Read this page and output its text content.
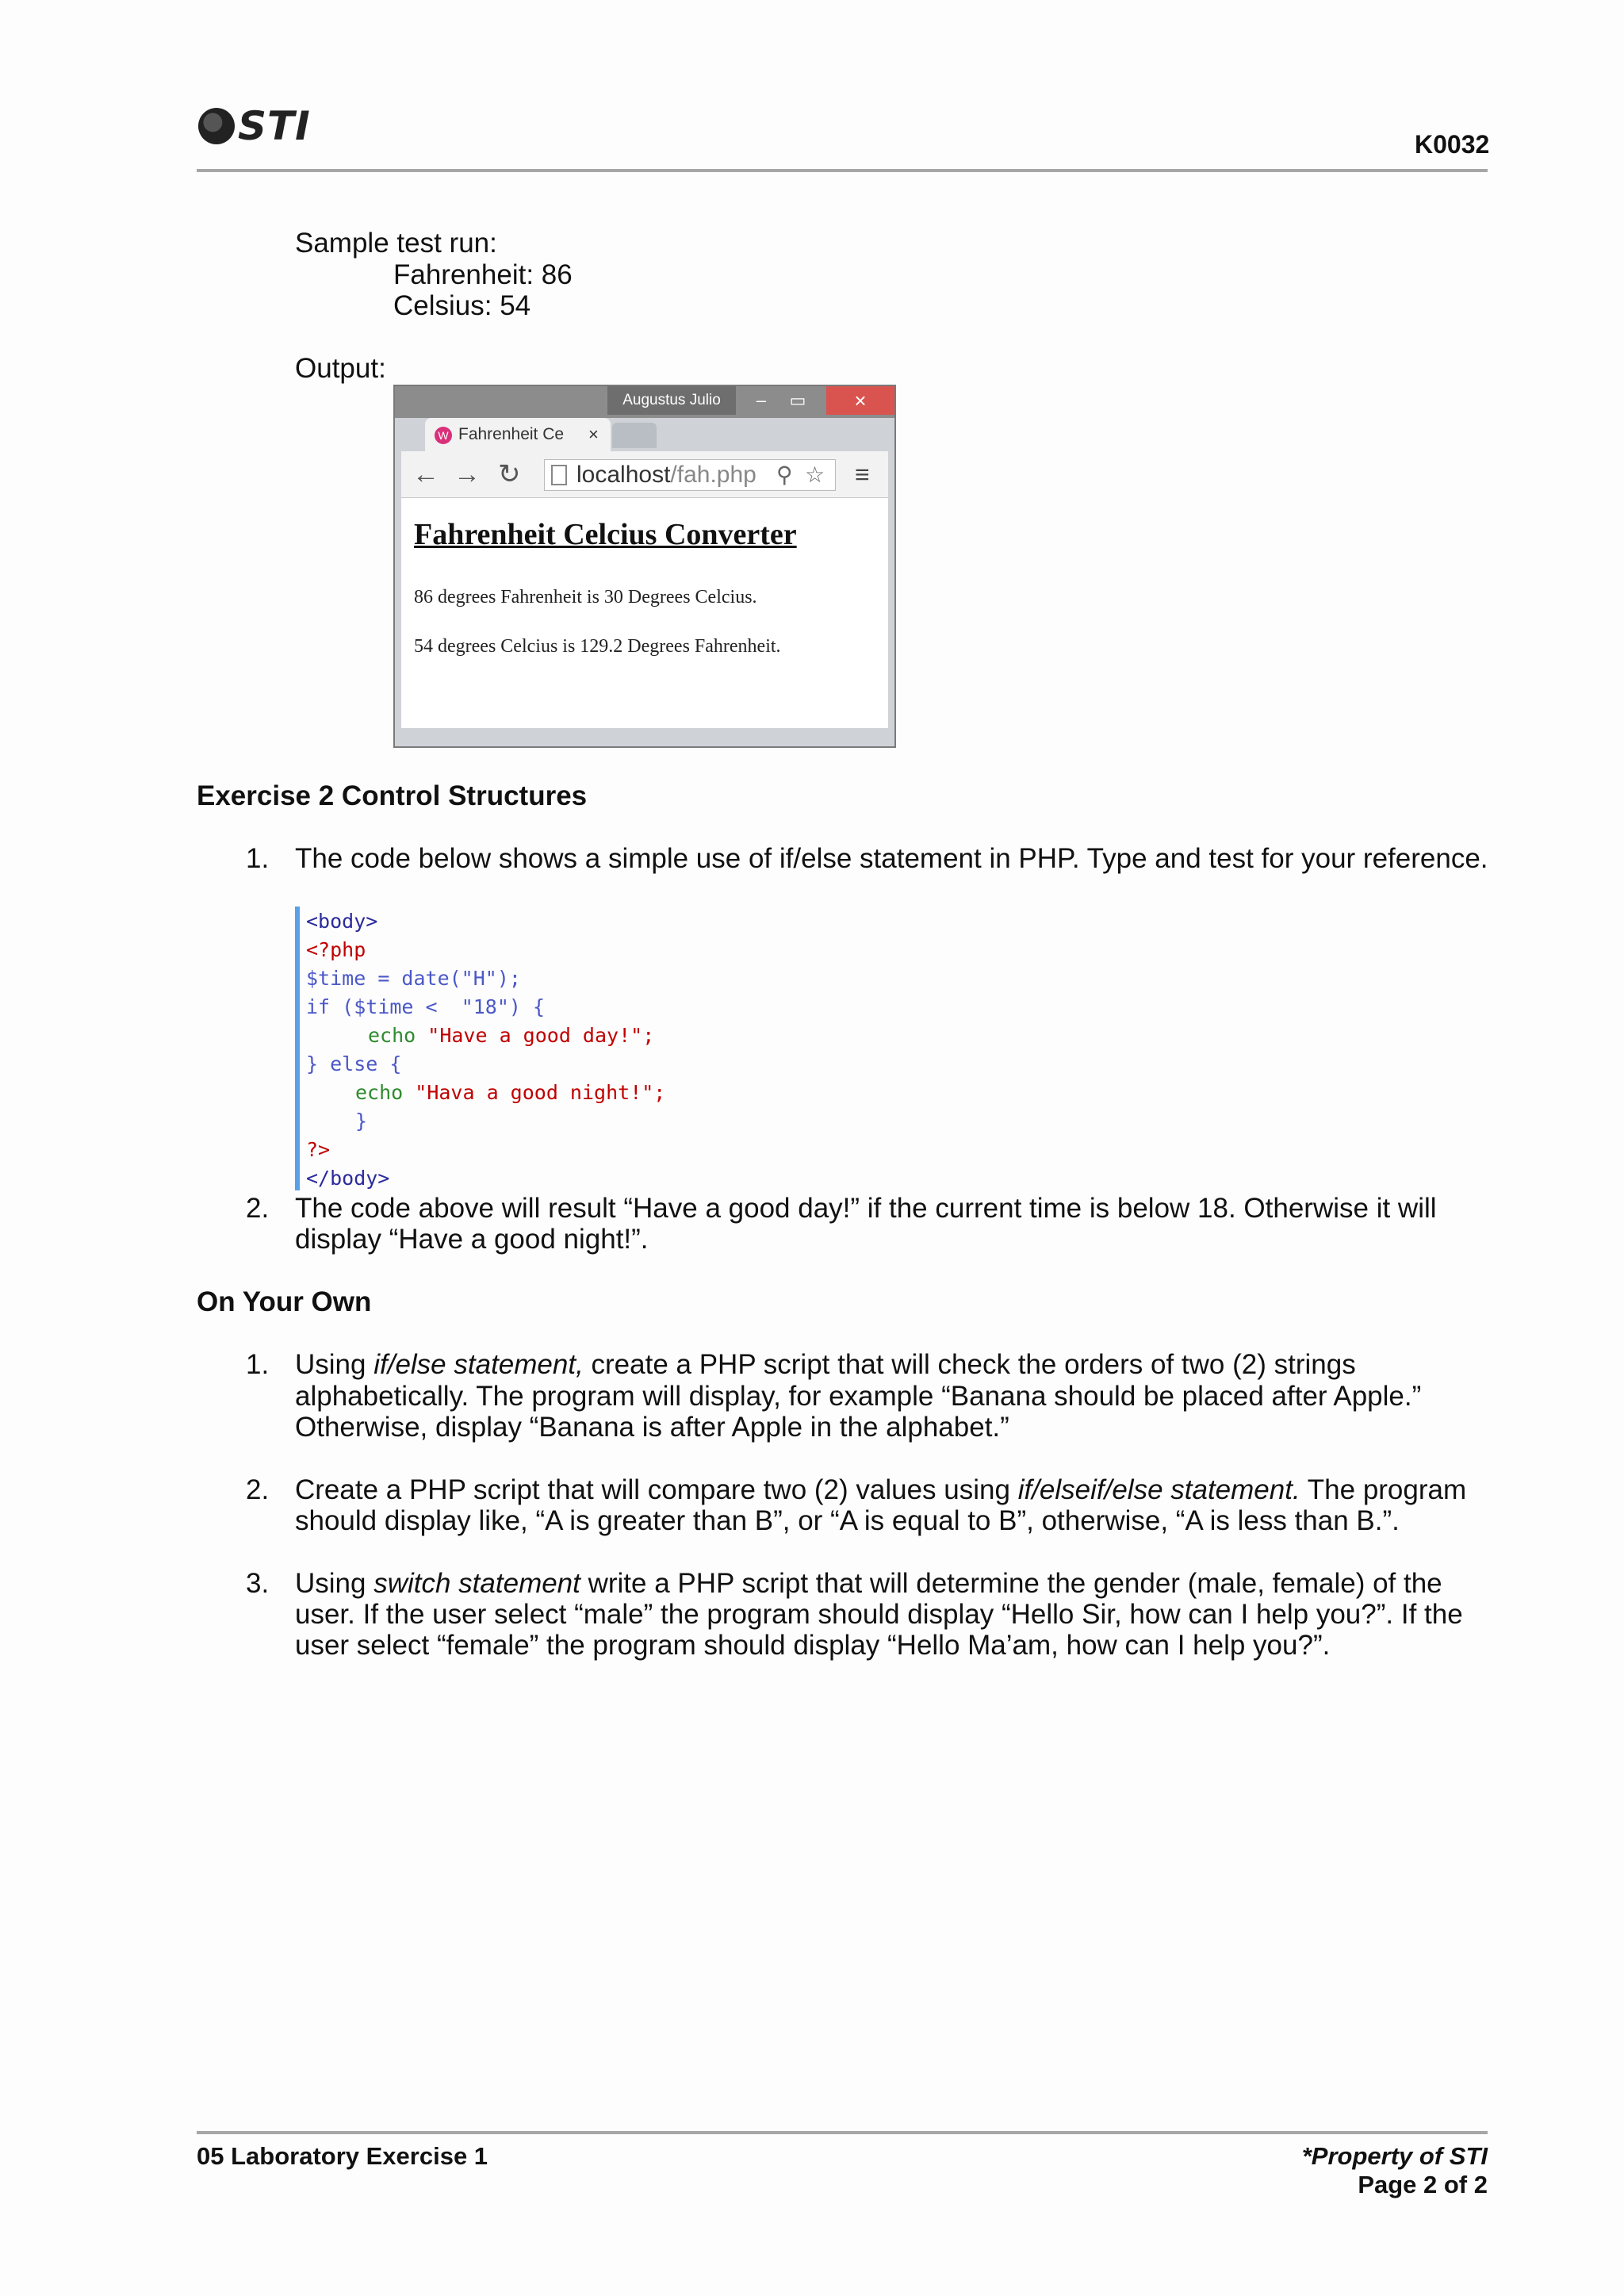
STI	K0032
Sample test run:
Fahrenheit: 86
Celsius: 54
Output:
Augustus Julio	‒	▭	×
W Fahrenheit Ce ×
← → ↻ localhost/fah.php ⚲ ☆ ≡
Fahrenheit Celcius Converter
86 degrees Fahrenheit is 30 Degrees Celcius.
54 degrees Celcius is 129.2 Degrees Fahrenheit.
Exercise 2 Control Structures
1. The code below shows a simple use of if/else statement in PHP. Type and test for your reference.
<body>
<?php
$time = date("H");
if ($time <  "18") {
echo "Have a good day!";
} else {
echo "Hava a good night!";
}
?>
</body>
2. The code above will result “Have a good day!” if the current time is below 18. Otherwise it will
display “Have a good night!”.
On Your Own
1. Using if/else statement, create a PHP script that will check the orders of two (2) strings
alphabetically. The program will display, for example “Banana should be placed after Apple.”
Otherwise, display “Banana is after Apple in the alphabet.”
2. Create a PHP script that will compare two (2) values using if/elseif/else statement. The program
should display like, “A is greater than B”, or “A is equal to B”, otherwise, “A is less than B.”.
3. Using switch statement write a PHP script that will determine the gender (male, female) of the
user. If the user select “male” the program should display “Hello Sir, how can I help you?”. If the
user select “female” the program should display “Hello Ma’am, how can I help you?”.
05 Laboratory Exercise 1	*Property of STI
Page 2 of 2
